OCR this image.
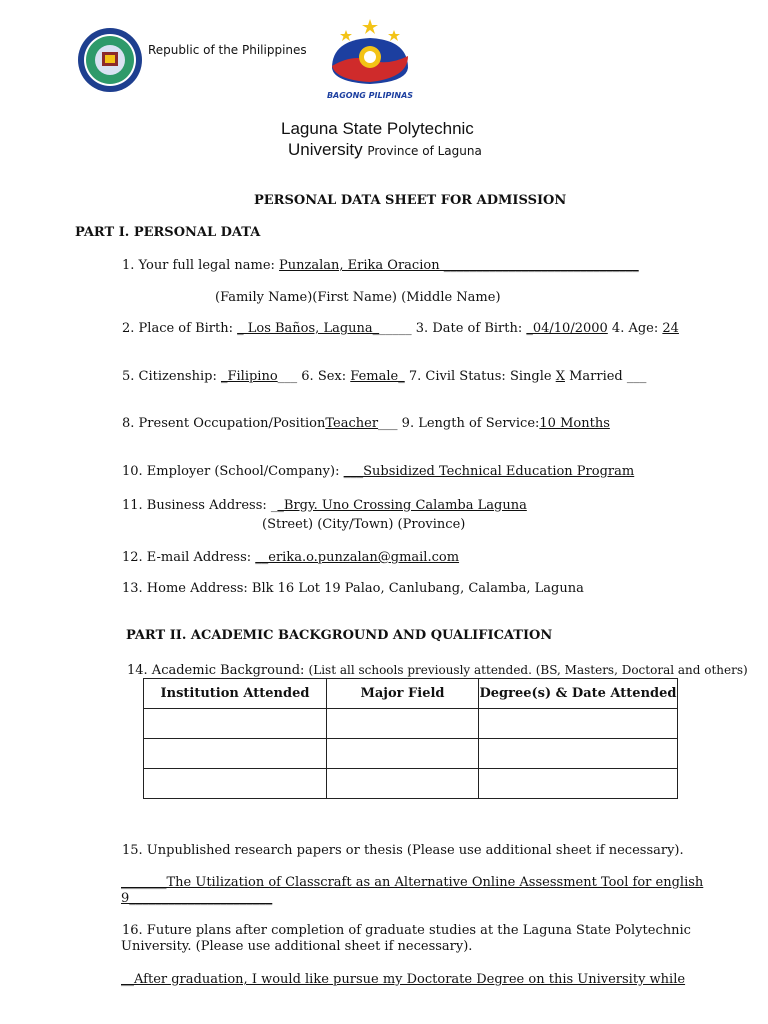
Republic of the Philippines
BAGONG PILIPINAS
Laguna State Polytechnic
University Province of Laguna
PERSONAL DATA SHEET FOR ADMISSION
PART I. PERSONAL DATA
1. Your full legal name: Punzalan, Erika Oracion ______________________________
(Family Name)(First Name) (Middle Name)
2. Place of Birth: _ Los Baños, Laguna______ 3. Date of Birth: _04/10/2000 4. Age: 24
5. Citizenship: _Filipino___ 6. Sex: Female_ 7. Civil Status: Single X Married ___
8. Present Occupation/PositionTeacher___ 9. Length of Service:10 Months
10. Employer (School/Company): ___Subsidized Technical Education Program
11. Business Address: __Brgy. Uno Crossing Calamba Laguna
(Street) (City/Town) (Province)
12. E-mail Address: __erika.o.punzalan@gmail.com
13. Home Address: Blk 16 Lot 19 Palao, Canlubang, Calamba, Laguna
PART II. ACADEMIC BACKGROUND AND QUALIFICATION
14. Academic Background: (List all schools previously attended. (BS, Masters, Doctoral and others)
Institution Attended	Major Field	Degree(s) & Date Attended

15. Unpublished research papers or thesis (Please use additional sheet if necessary).
_______The Utilization of Classcraft as an Alternative Online Assessment Tool for english
9______________________
16. Future plans after completion of graduate studies at the Laguna State Polytechnic
University. (Please use additional sheet if necessary).
__After graduation, I would like pursue my Doctorate Degree on this University while
